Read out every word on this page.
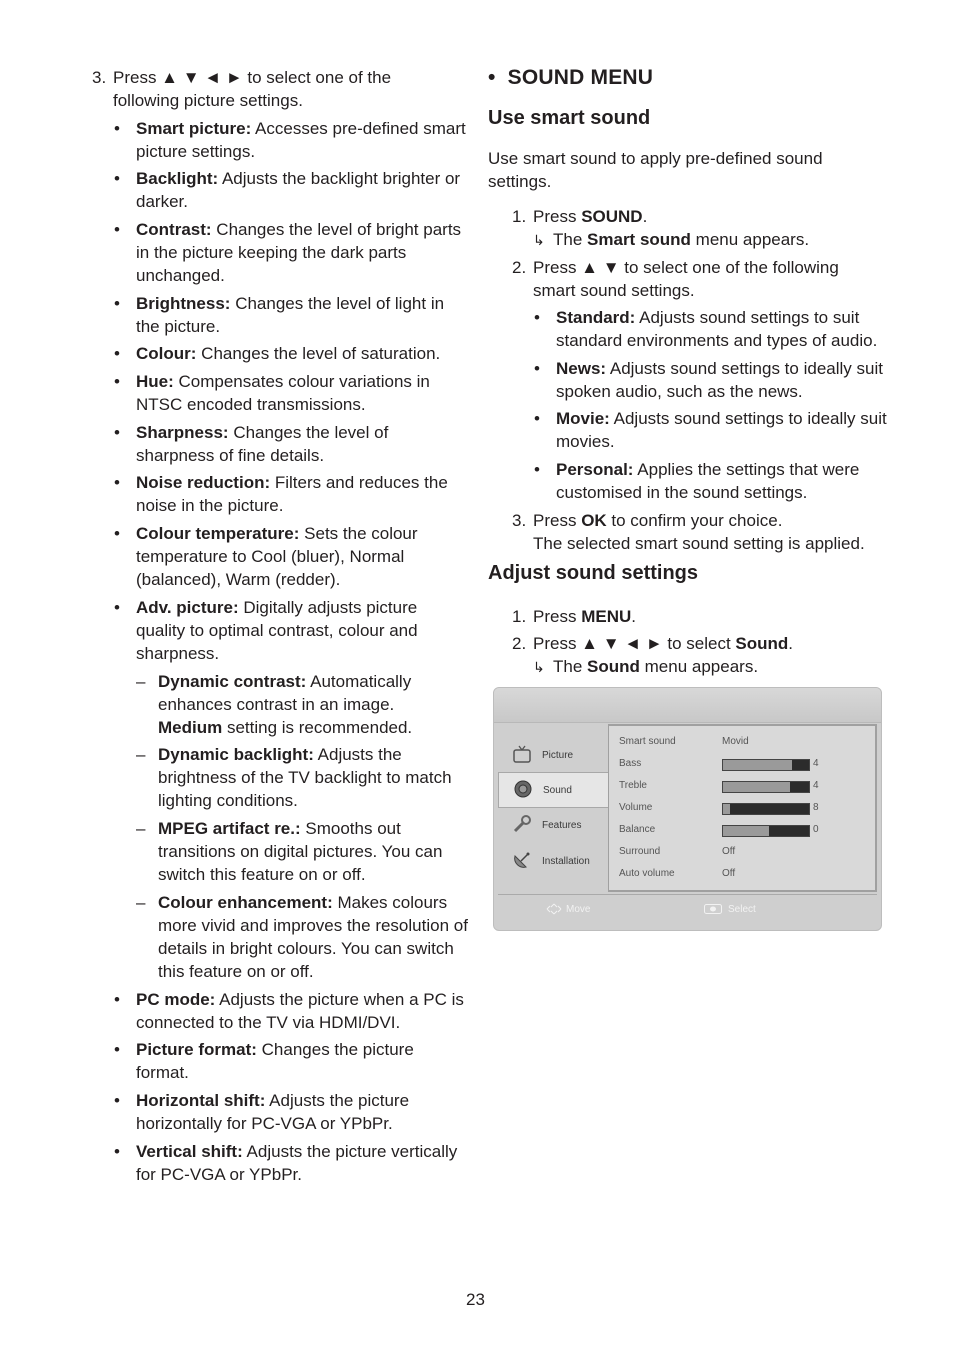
3. Press ▲ ▼ ◄ ► to select one of the following picture settings.
• Smart picture: Accesses pre-defined smart picture settings.
• Backlight: Adjusts the backlight brighter or darker.
• Contrast: Changes the level of bright parts in the picture keeping the dark parts unchanged.
• Brightness: Changes the level of light in the picture.
• Colour: Changes the level of saturation.
• Hue: Compensates colour variations in NTSC encoded transmissions.
• Sharpness: Changes the level of sharpness of fine details.
• Noise reduction: Filters and reduces the noise in the picture.
• Colour temperature: Sets the colour temperature to Cool (bluer), Normal (balanced), Warm (redder).
• Adv. picture: Digitally adjusts picture quality to optimal contrast, colour and sharpness.
– Dynamic contrast: Automatically enhances contrast in an image.
Medium setting is recommended.
– Dynamic backlight: Adjusts the brightness of the TV backlight to match lighting conditions.
– MPEG artifact re.: Smooths out transitions on digital pictures. You can switch this feature on or off.
– Colour enhancement: Makes colours more vivid and improves the resolution of details in bright colours. You can switch this feature on or off.
• PC mode: Adjusts the picture when a PC is connected to the TV via HDMI/DVI.
• Picture format: Changes the picture format.
• Horizontal shift: Adjusts the picture horizontally for PC-VGA or YPbPr.
• Vertical shift: Adjusts the picture vertically for PC-VGA or YPbPr.
•  SOUND MENU
Use smart sound
Use smart sound to apply pre-defined sound settings.
1. Press SOUND.
↳ The Smart sound menu appears.
2. Press ▲ ▼ to select one of the following smart sound settings.
• Standard: Adjusts sound settings to suit standard environments and types of audio.
• News: Adjusts sound settings to ideally suit spoken audio, such as the news.
• Movie: Adjusts sound settings to ideally suit movies.
• Personal: Applies the settings that were customised in the sound settings.
3. Press OK to confirm your choice.
The selected smart sound setting is applied.
Adjust sound settings
1. Press MENU.
2. Press ▲ ▼ ◄ ► to select Sound.
↳ The Sound menu appears.
Picture
Sound
Features
Installation
Smart sound	Movid
Bass	4
Treble	4
Volume	8
Balance	0
Surround	Off
Auto volume	Off
Move	Select
23
